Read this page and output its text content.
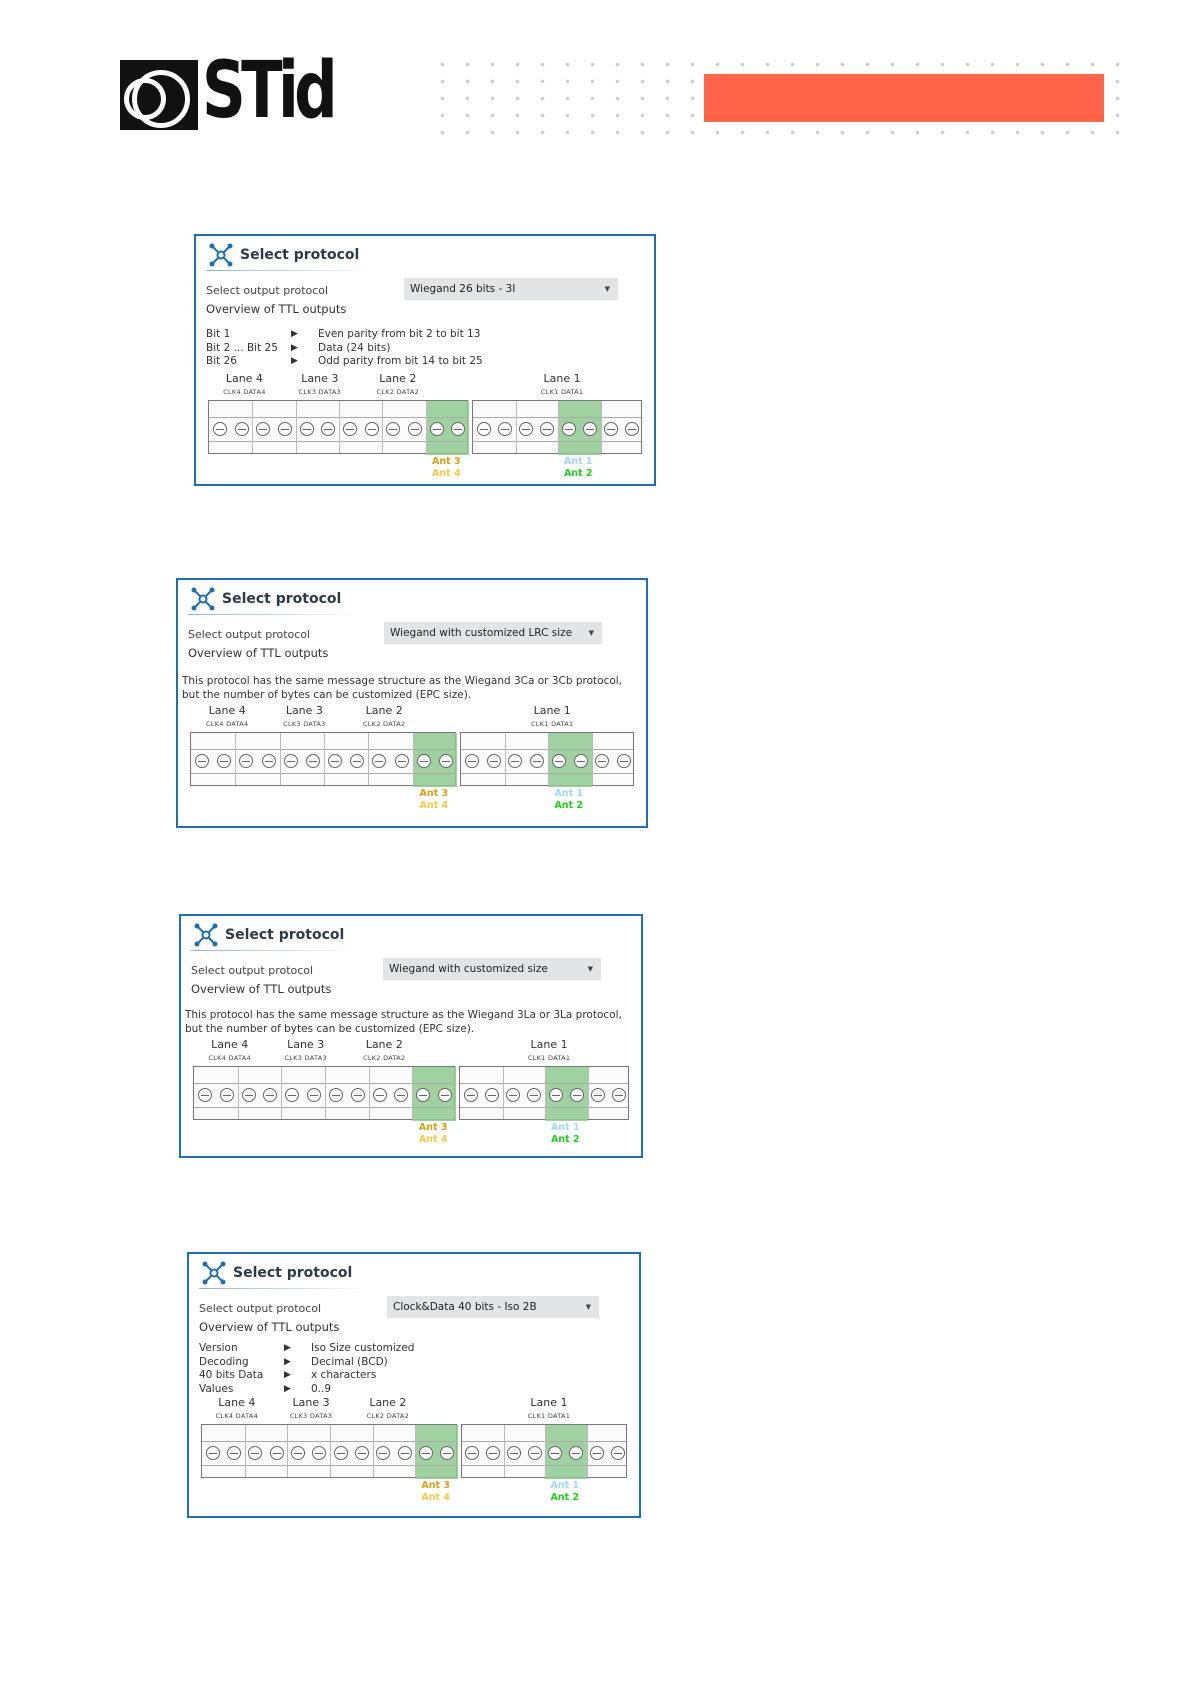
STid
Select protocol
Select output protocol
Overview of TTL outputs
Wiegand 26 bits - 3I	▼
Bit 1	▶	Even parity from bit 2 to bit 13
Bit 2 ... Bit 25	▶	Data (24 bits)
Bit 26	▶	Odd parity from bit 14 to bit 25
Lane 4
CLK4 DATA4
Lane 3
CLK3 DATA3
Lane 2
CLK2 DATA2
Lane 1
CLK1 DATA1
Ant 3
Ant 4
Ant 1
Ant 2
Select protocol
Select output protocol
Overview of TTL outputs
Wiegand with customized LRC size ▼
This protocol has the same message structure as the Wiegand 3Ca or 3Cb protocol, but the number of bytes can be customized (EPC size).
Lane 4
CLK4 DATA4
Lane 3
CLK3 DATA3
Lane 2
CLK2 DATA2
Lane 1
CLK1 DATA1
Ant 3
Ant 4
Ant 1
Ant 2
Select protocol
Select output protocol
Overview of TTL outputs
Wiegand with customized size	▼
This protocol has the same message structure as the Wiegand 3La or 3La protocol, but the number of bytes can be customized (EPC size).
Lane 4
CLK4 DATA4
Lane 3
CLK3 DATA3
Lane 2
CLK2 DATA2
Lane 1
CLK1 DATA1
Ant 3
Ant 4
Ant 1
Ant 2
Select protocol
Select output protocol
Overview of TTL outputs
Clock&Data 40 bits - Iso 2B	▼
Version	▶	Iso Size customized
Decoding	▶	Decimal (BCD)
40 bits Data	▶	x characters
Values	▶	0..9
Lane 4
CLK4 DATA4
Lane 3
CLK3 DATA3
Lane 2
CLK2 DATA2
Lane 1
CLK1 DATA1
Ant 3
Ant 4
Ant 1
Ant 2
